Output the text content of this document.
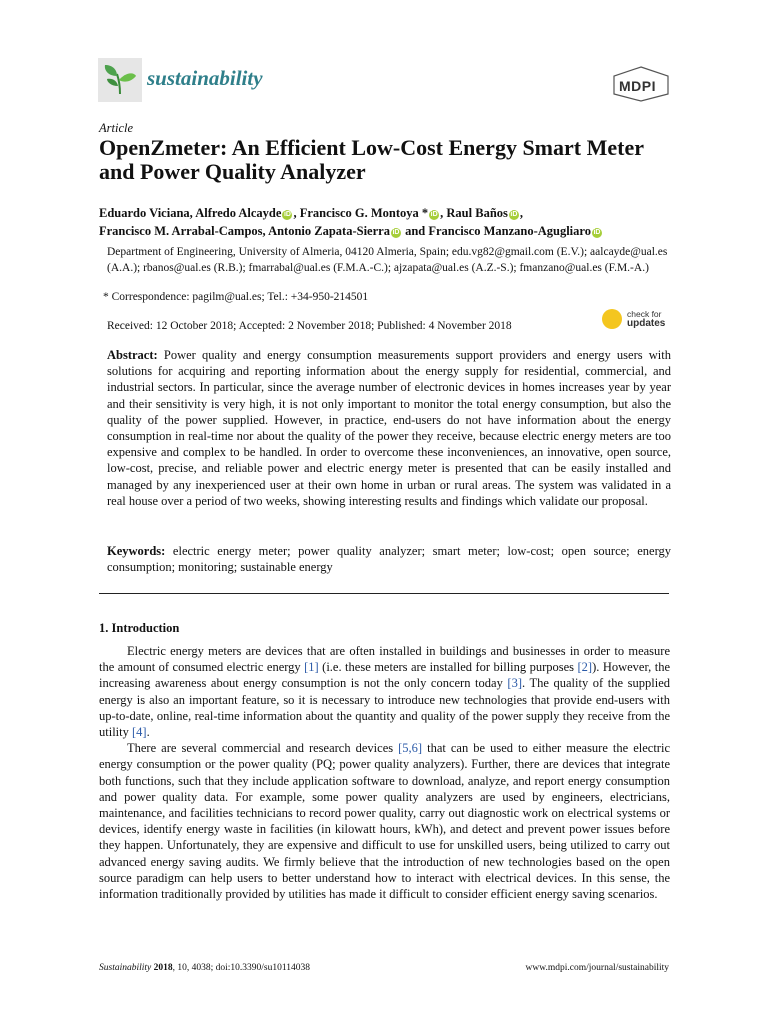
sustainability	MDPI
Article
OpenZmeter: An Efficient Low-Cost Energy Smart Meter and Power Quality Analyzer
Eduardo Viciana, Alfredo Alcayde iD , Francisco G. Montoya * iD , Raul Baños iD ,
Francisco M. Arrabal-Campos, Antonio Zapata-Sierra iD and Francisco Manzano-Agugliaro iD
Department of Engineering, University of Almeria, 04120 Almeria, Spain; edu.vg82@gmail.com (E.V.); aalcayde@ual.es (A.A.); rbanos@ual.es (R.B.); fmarrabal@ual.es (F.M.A.-C.); ajzapata@ual.es (A.Z.-S.); fmanzano@ual.es (F.M.-A.)
* Correspondence: pagilm@ual.es; Tel.: +34-950-214501
Received: 12 October 2018; Accepted: 2 November 2018; Published: 4 November 2018
check for
updates
Abstract: Power quality and energy consumption measurements support providers and energy users with solutions for acquiring and reporting information about the energy supply for residential, commercial, and industrial sectors. In particular, since the average number of electronic devices in homes increases year by year and their sensitivity is very high, it is not only important to monitor the total energy consumption, but also the quality of the power supplied. However, in practice, end-users do not have information about the energy consumption in real-time nor about the quality of the power they receive, because electric energy meters are too expensive and complex to be handled. In order to overcome these inconveniences, an innovative, open source, low-cost, precise, and reliable power and electric energy meter is presented that can be easily installed and managed by any inexperienced user at their own home in urban or rural areas. The system was validated in a real house over a period of two weeks, showing interesting results and findings which validate our proposal.
Keywords: electric energy meter; power quality analyzer; smart meter; low-cost; open source; energy consumption; monitoring; sustainable energy
1. Introduction

Electric energy meters are devices that are often installed in buildings and businesses in order to measure the amount of consumed electric energy [1] (i.e. these meters are installed for billing purposes [2]). However, the increasing awareness about energy consumption is not the only concern today [3]. The quality of the supplied energy is also an important feature, so it is necessary to introduce new technologies that provide end-users with up-to-date, online, real-time information about the quantity and quality of the power supply they receive from the utility [4].

There are several commercial and research devices [5,6] that can be used to either measure the electric energy consumption or the power quality (PQ; power quality analyzers). Further, there are devices that integrate both functions, such that they include application software to download, analyze, and report energy consumption and power quality data. For example, some power quality analyzers are used by engineers, electricians, maintenance, and facilities technicians to record power quality, carry out diagnostic work on electrical systems or devices, identify energy waste in facilities (in kilowatt hours, kWh), and detect and prevent power issues before they happen. Unfortunately, they are expensive and difficult to use for unskilled users, being utilized to carry out advanced energy saving audits. We firmly believe that the introduction of new technologies based on the open source paradigm can help users to better understand how to interact with electrical devices. In this sense, the information traditionally provided by utilities has made it difficult to consider efficient energy saving scenarios.

Sustainability 2018, 10, 4038; doi:10.3390/su10114038	www.mdpi.com/journal/sustainability
